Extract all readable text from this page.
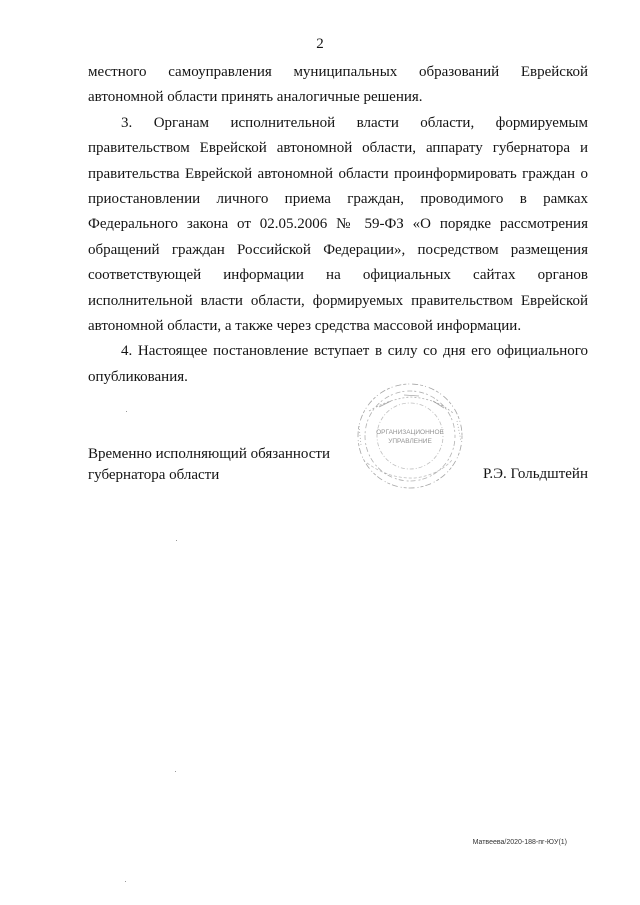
2

местного самоуправления муниципальных образований Еврейской

автономной области принять аналогичные решения.

3. Органам исполнительной власти области, формируемым

правительством Еврейской автономной области, аппарату губернатора и

правительства Еврейской автономной области проинформировать граждан о

приостановлении личного приема граждан, проводимого в рамках

Федерального закона от 02.05.2006 № 59-ФЗ «О порядке рассмотрения

обращений граждан Российской Федерации», посредством размещения

соответствующей информации на официальных сайтах органов

исполнительной власти области, формируемых правительством Еврейской

автономной области, а также через средства массовой информации.

4. Настоящее постановление вступает в силу со дня его официального

опубликования.

Временно исполняющий обязанности
губернатора области	Р.Э. Гольдштейн
ОРГАНИЗАЦИОННОЕ
УПРАВЛЕНИЕ
Матвеева/2020-188-пг-ЮУ(1)
